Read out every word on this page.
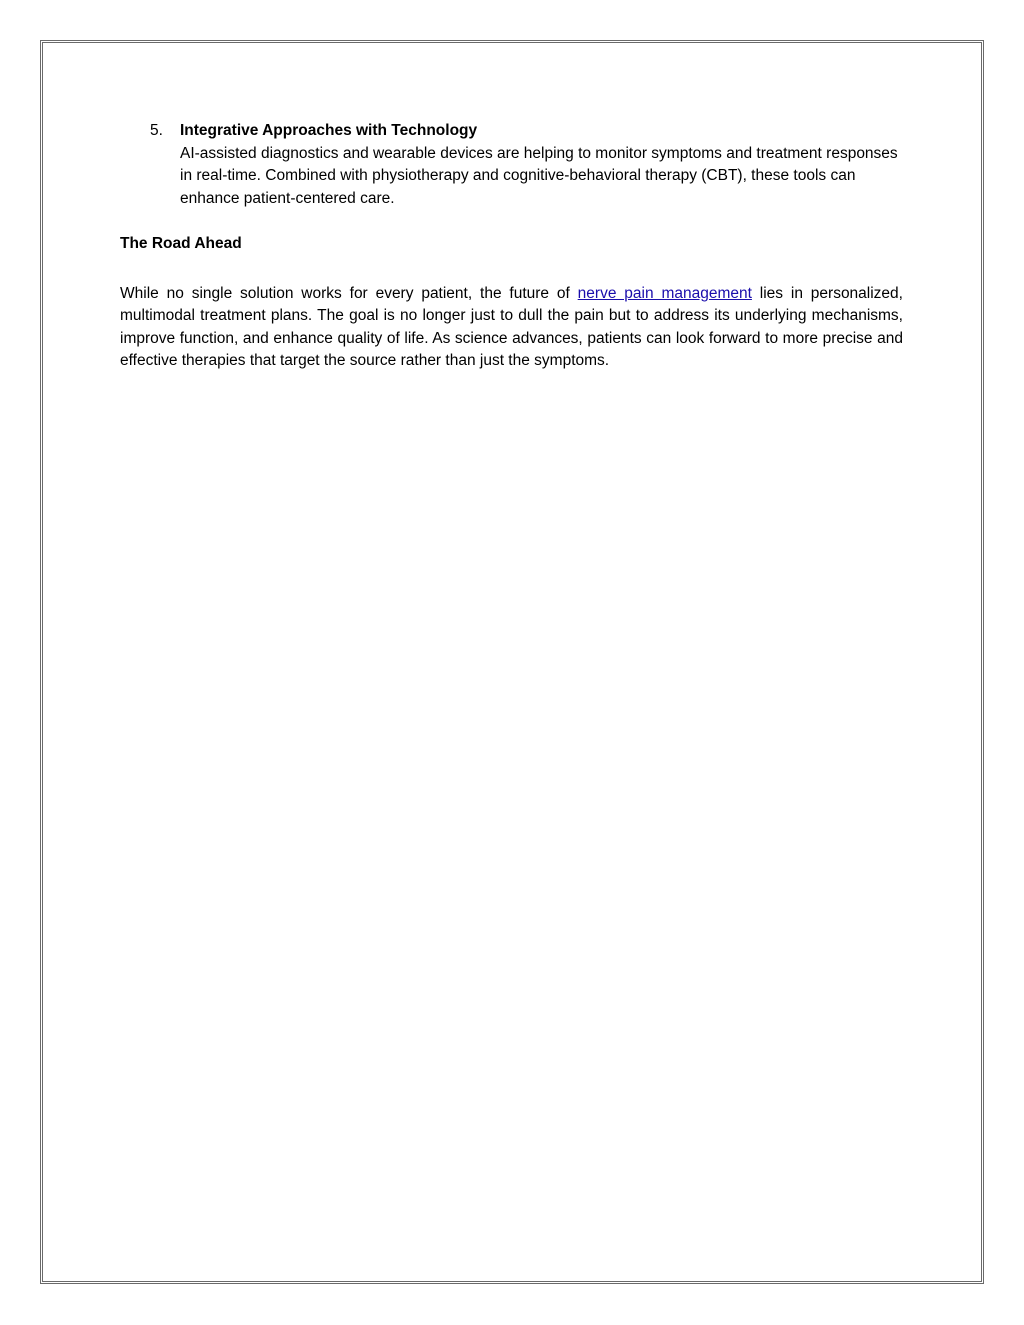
5. Integrative Approaches with Technology
AI-assisted diagnostics and wearable devices are helping to monitor symptoms and treatment responses in real-time. Combined with physiotherapy and cognitive-behavioral therapy (CBT), these tools can enhance patient-centered care.
The Road Ahead

While no single solution works for every patient, the future of nerve pain management lies in personalized, multimodal treatment plans. The goal is no longer just to dull the pain but to address its underlying mechanisms, improve function, and enhance quality of life. As science advances, patients can look forward to more precise and effective therapies that target the source rather than just the symptoms.
